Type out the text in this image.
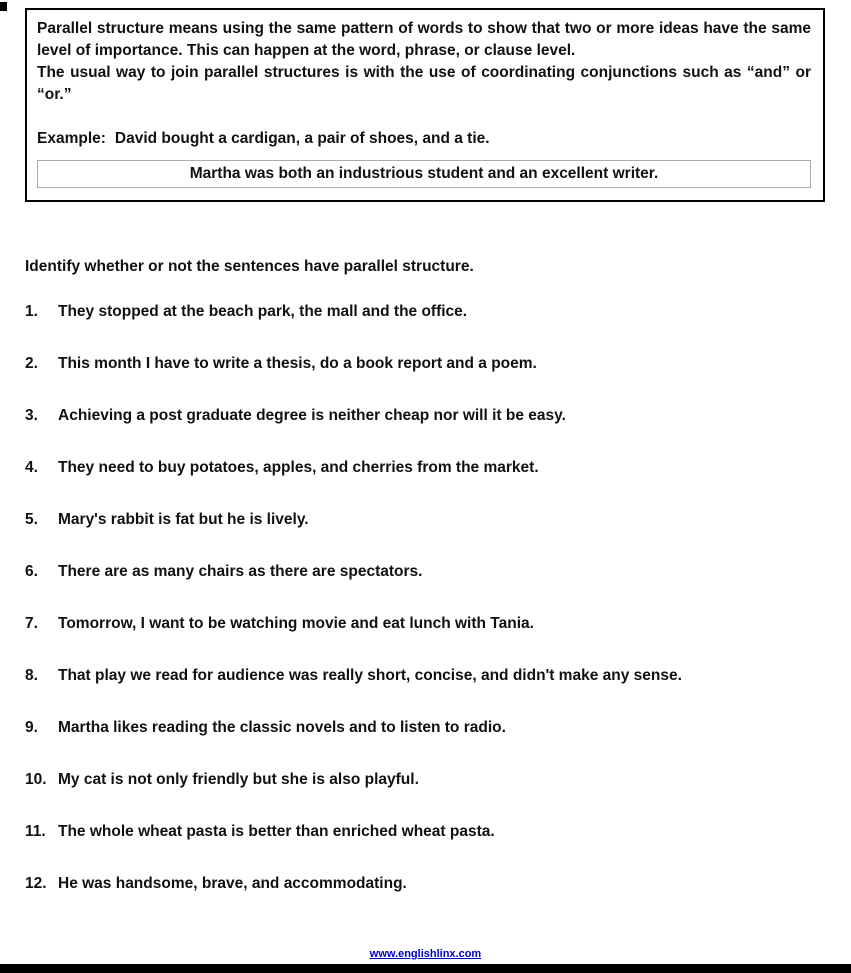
Parallel structure means using the same pattern of words to show that two or more ideas have the same level of importance. This can happen at the word, phrase, or clause level.

The usual way to join parallel structures is with the use of coordinating conjunctions such as “and” or “or.”

Example: David bought a cardigan, a pair of shoes, and a tie.

Martha was both an industrious student and an excellent writer.

Identify whether or not the sentences have parallel structure.

1.	They stopped at the beach park, the mall and the office.
2.	This month I have to write a thesis, do a book report and a poem.
3.	Achieving a post graduate degree is neither cheap nor will it be easy.
4.	They need to buy potatoes, apples, and cherries from the market.
5.	Mary's rabbit is fat but he is lively.
6.	There are as many chairs as there are spectators.
7.	Tomorrow, I want to be watching movie and eat lunch with Tania.
8.	That play we read for audience was really short, concise, and didn't make any sense.
9.	Martha likes reading the classic novels and to listen to radio.
10. My cat is not only friendly but she is also playful.
11. The whole wheat pasta is better than enriched wheat pasta.
12. He was handsome, brave, and accommodating.
www.englishlinx.com
